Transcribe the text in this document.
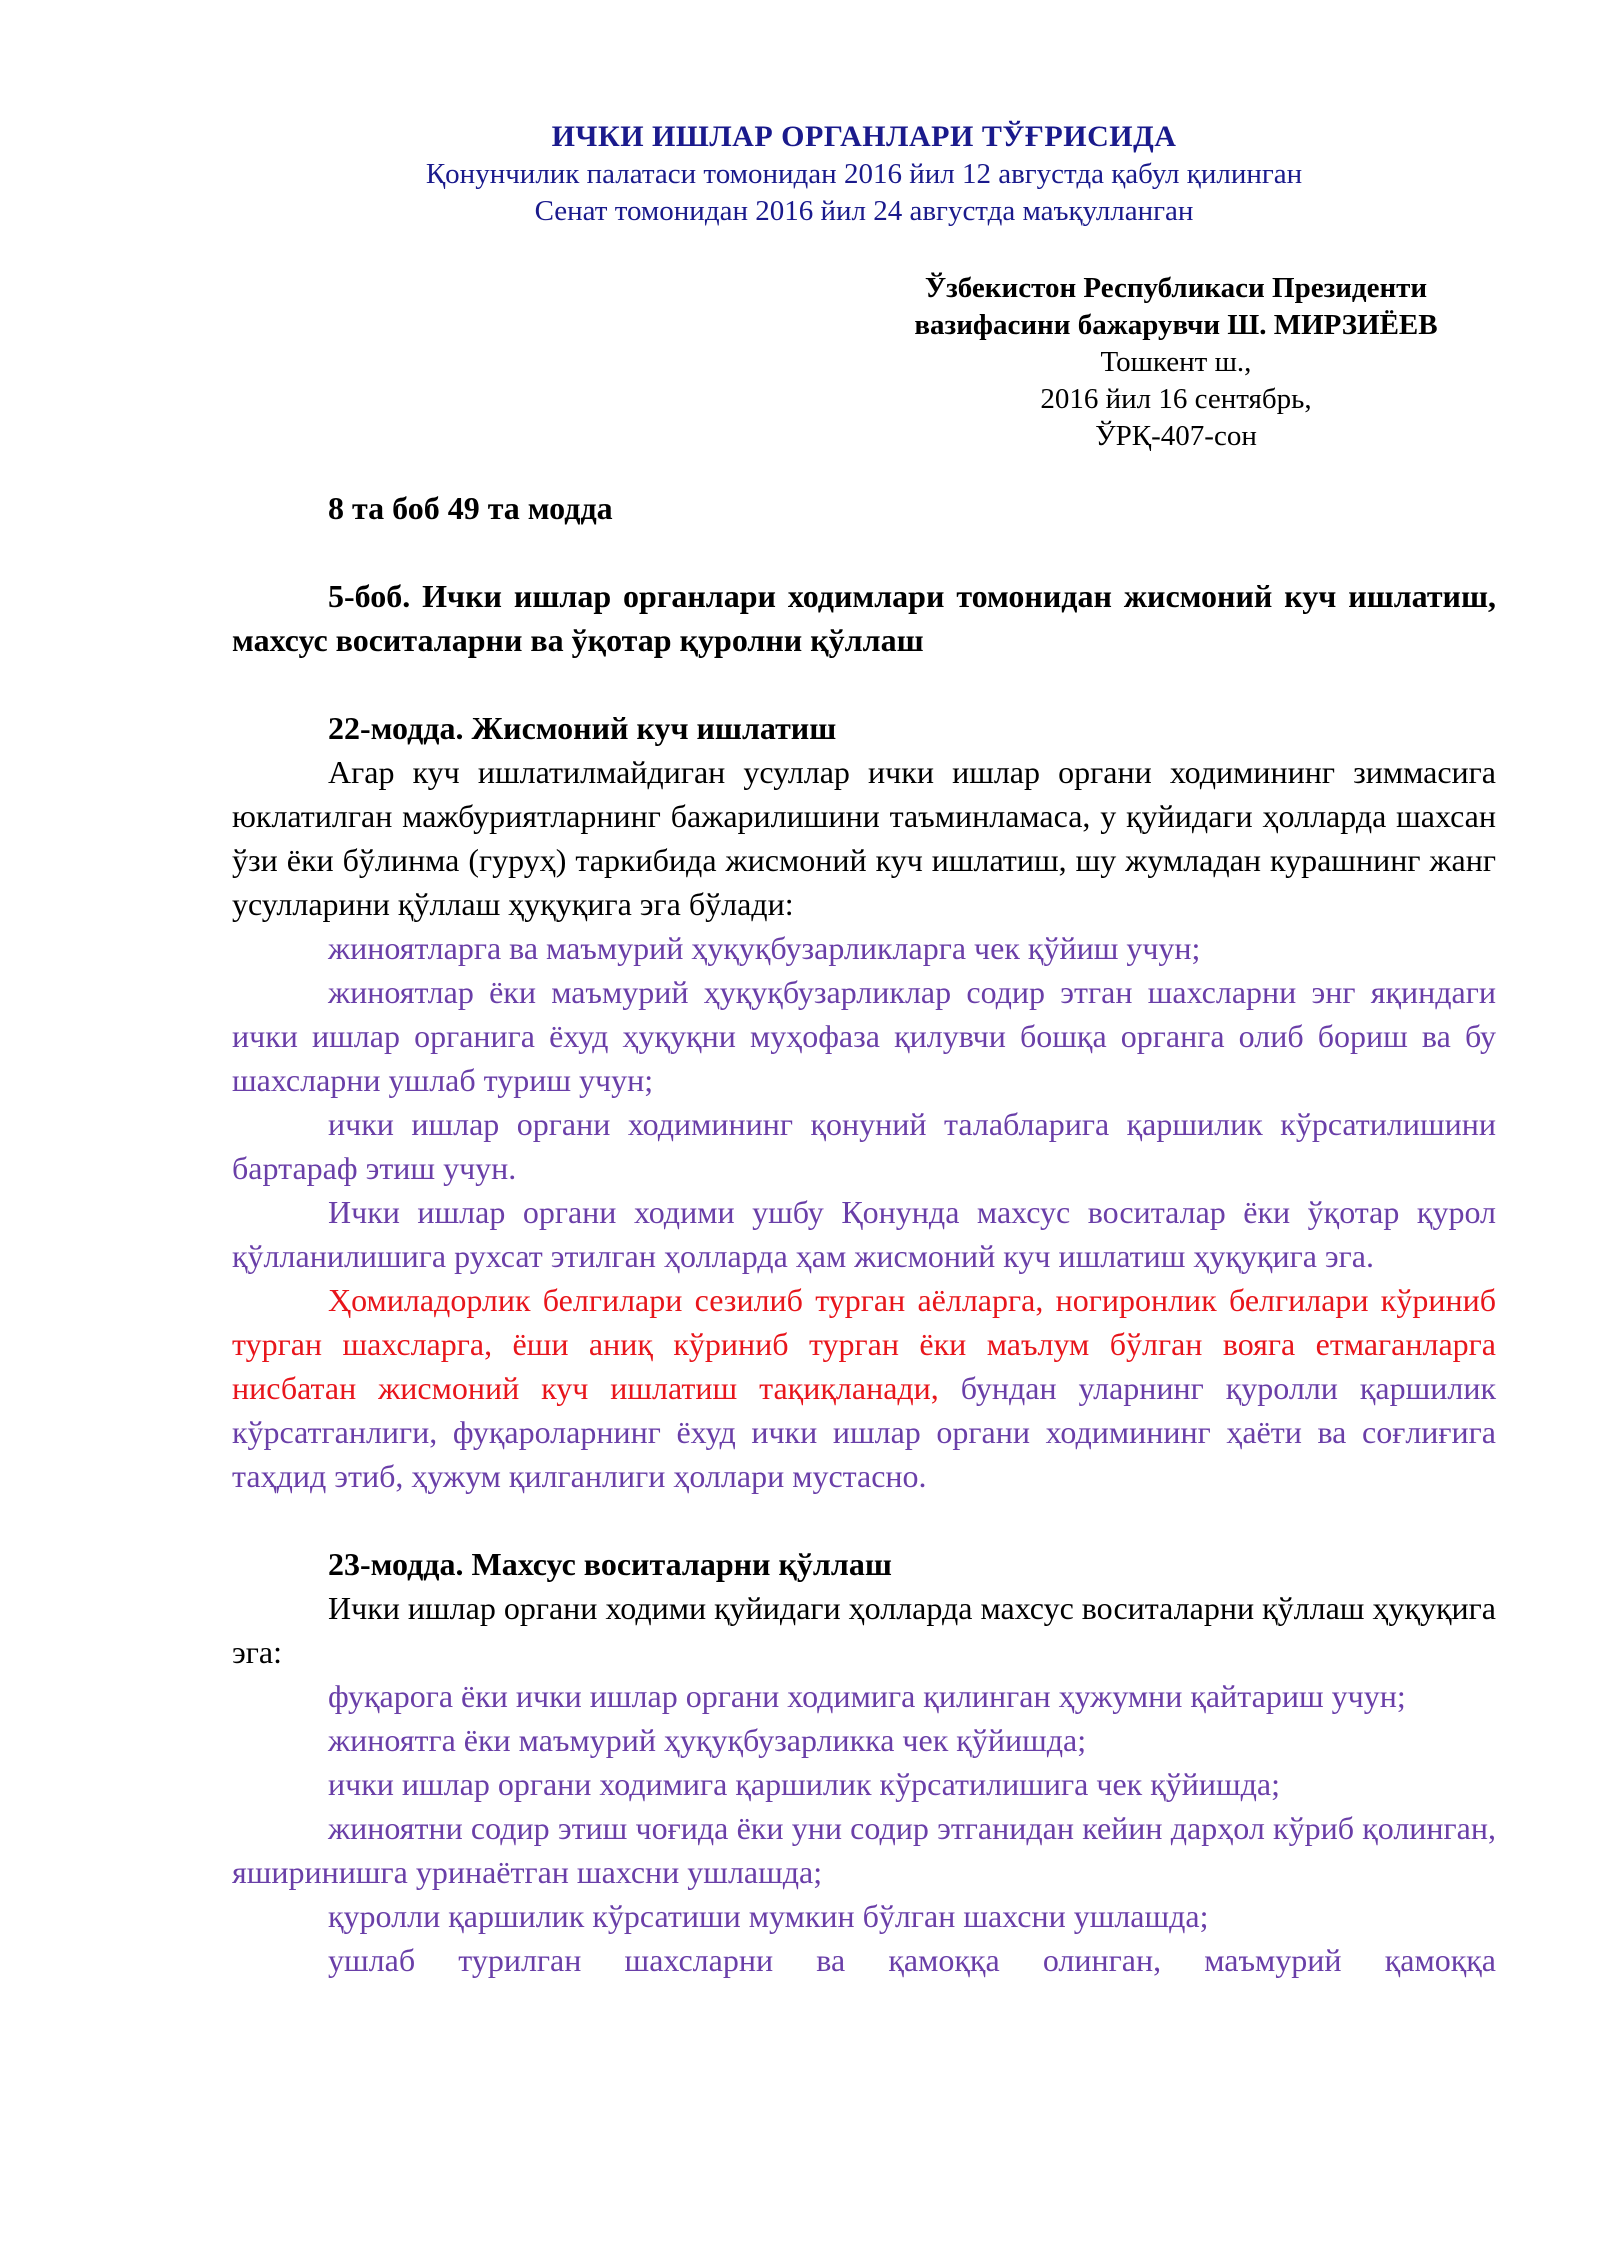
ИЧКИ ИШЛАР ОРГАНЛАРИ ТЎҒРИСИДА
Қонунчилик палатаси томонидан 2016 йил 12 августда қабул қилинган
Сенат томонидан 2016 йил 24 августда маъқулланган
Ўзбекистон Республикаси Президенти
вазифасини бажарувчи Ш. МИРЗИЁЕВ
Тошкент ш.,
2016 йил 16 сентябрь,
ЎРҚ-407-сон

8 та боб 49 та модда

5-боб. Ички ишлар органлари ходимлари томонидан жисмоний куч ишлатиш, махсус воситаларни ва ўқотар қуролни қўллаш

22-модда. Жисмоний куч ишлатиш

Агар куч ишлатилмайдиган усуллар ички ишлар органи ходимининг зиммасига юклатилган мажбуриятларнинг бажарилишини таъминламаса, у қуйидаги ҳолларда шахсан ўзи ёки бўлинма (гуруҳ) таркибида жисмоний куч ишлатиш, шу жумладан курашнинг жанг усулларини қўллаш ҳуқуқига эга бўлади:

жиноятларга ва маъмурий ҳуқуқбузарликларга чек қўйиш учун;

жиноятлар ёки маъмурий ҳуқуқбузарликлар содир этган шахсларни энг яқиндаги ички ишлар органига ёхуд ҳуқуқни муҳофаза қилувчи бошқа органга олиб бориш ва бу шахсларни ушлаб туриш учун;

ички ишлар органи ходимининг қонуний талабларига қаршилик кўрсатилишини бартараф этиш учун.

Ички ишлар органи ходими ушбу Қонунда махсус воситалар ёки ўқотар қурол қўлланилишига рухсат этилган ҳолларда ҳам жисмоний куч ишлатиш ҳуқуқига эга.

Ҳомиладорлик белгилари сезилиб турган аёлларга, ногиронлик белгилари кўриниб турган шахсларга, ёши аниқ кўриниб турган ёки маълум бўлган вояга етмаганларга нисбатан жисмоний куч ишлатиш тақиқланади, бундан уларнинг қуролли қаршилик кўрсатганлиги, фуқароларнинг ёхуд ички ишлар органи ходимининг ҳаёти ва соғлиғига таҳдид этиб, ҳужум қилганлиги ҳоллари мустасно.

23-модда. Махсус воситаларни қўллаш

Ички ишлар органи ходими қуйидаги ҳолларда махсус воситаларни қўллаш ҳуқуқига эга:

фуқарога ёки ички ишлар органи ходимига қилинган ҳужумни қайтариш учун;

жиноятга ёки маъмурий ҳуқуқбузарликка чек қўйишда;

ички ишлар органи ходимига қаршилик кўрсатилишига чек қўйишда;

жиноятни содир этиш чоғида ёки уни содир этганидан кейин дарҳол кўриб қолинган, яширинишга уринаётган шахсни ушлашда;

қуролли қаршилик кўрсатиши мумкин бўлган шахсни ушлашда;

ушлаб турилган шахсларни ва қамоққа олинган, маъмурий қамоққа
